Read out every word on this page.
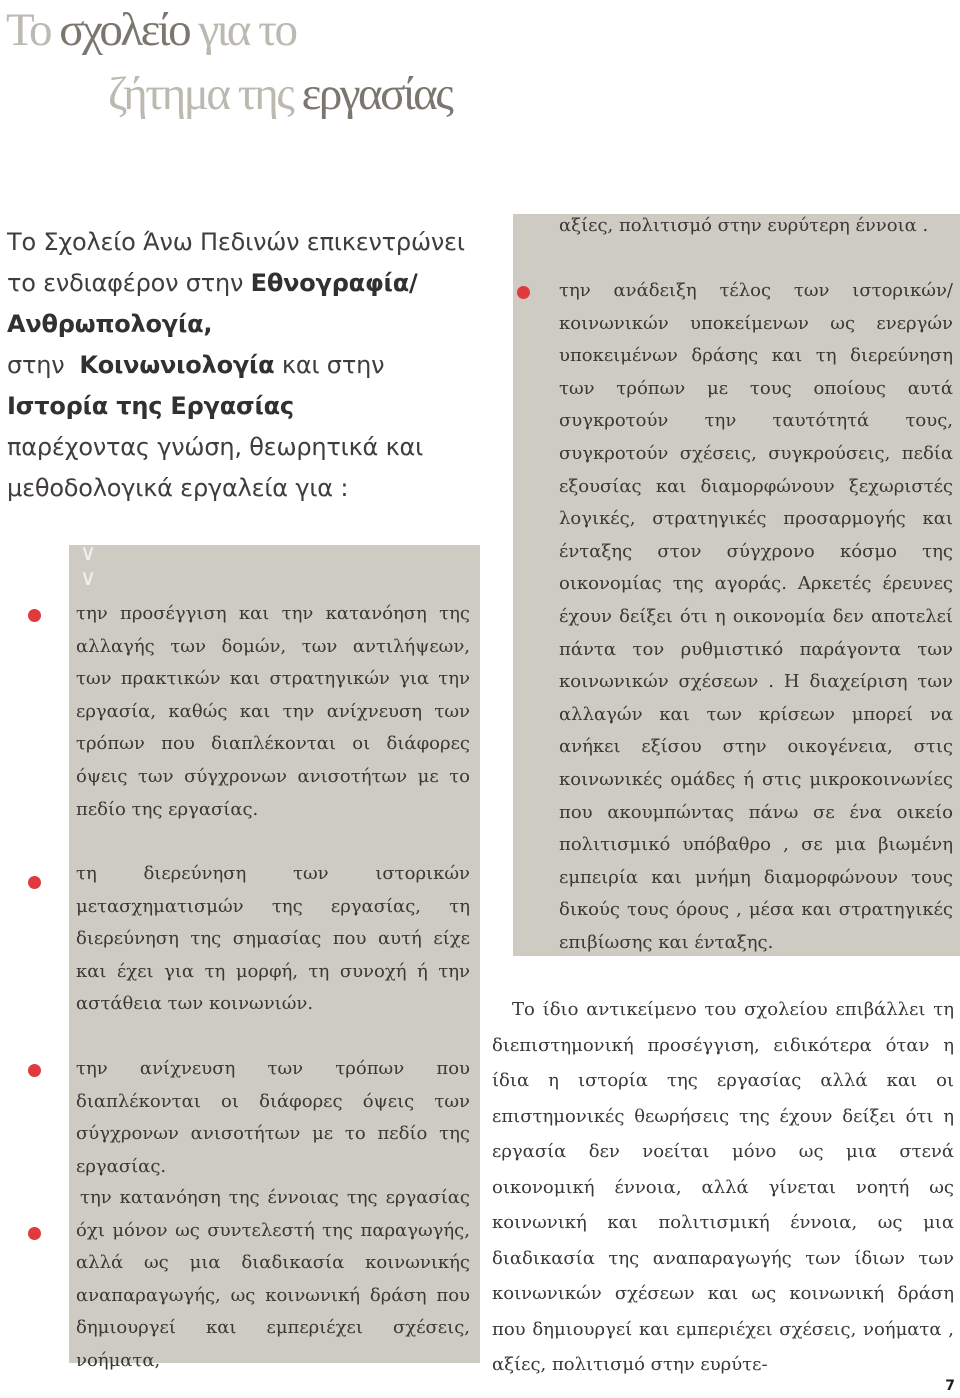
Το σχολείο για το
ζήτημα της εργασίας

Το Σχολείο Άνω Πεδινών επικεντρώνει το ενδιαφέρον στην Εθνογραφία/Ανθρωπολογία,
στην Κοινωνιολογία και στην
Ιστορία της Εργασίας
παρέχοντας γνώση, θεωρητικά και μεθοδολογικά εργαλεία για :

∨
∨

την προσέγγιση και την κατανόηση της αλλαγής των δομών, των αντιλήψεων, των πρακτικών και στρατηγικών για την εργασία, καθώς και την ανίχνευση των τρόπων που διαπλέκονται οι διάφορες όψεις των σύγχρονων ανισοτήτων με το πεδίο της εργασίας.

τη διερεύνηση των ιστορικών μετασχηματισμών της εργασίας, τη διερεύνηση της σημασίας που αυτή είχε και έχει για τη μορφή, τη συνοχή ή την αστάθεια των κοινωνιών.

την ανίχνευση των τρόπων που διαπλέκονται οι διάφορες όψεις των σύγχρονων ανισοτήτων με το πεδίο της εργασίας.

την κατανόηση της έννοιας της εργασίας όχι μόνον ως συντελεστή της παραγωγής, αλλά ως μια διαδικασία κοινωνικής αναπαραγωγής, ως κοινωνική δράση που δημιουργεί και εμπεριέχει σχέσεις, νοήματα,

αξίες, πολιτισμό στην ευρύτερη έννοια .

την ανάδειξη τέλος των ιστορικών/κοινωνικών υποκείμενων ως ενεργών υποκειμένων δράσης και τη διερεύνηση των τρόπων με τους οποίους αυτά συγκροτούν την ταυτότητά τους, συγκροτούν σχέσεις, συγκρούσεις, πεδία εξουσίας και διαμορφώνουν ξεχωριστές λογικές, στρατηγικές προσαρμογής και ένταξης στον σύγχρονο κόσμο της οικονομίας της αγοράς. Αρκετές έρευνες έχουν δείξει ότι η οικονομία δεν αποτελεί πάντα τον ρυθμιστικό παράγοντα των κοινωνικών σχέσεων . Η διαχείριση των αλλαγών και των κρίσεων μπορεί να ανήκει εξίσου στην οικογένεια, στις κοινωνικές ομάδες ή στις μικροκοινωνίες που ακουμπώντας πάνω σε ένα οικείο πολιτισμικό υπόβαθρο , σε μια βιωμένη εμπειρία και μνήμη διαμορφώνουν τους δικούς τους όρους , μέσα και στρατηγικές επιβίωσης και ένταξης.

Το ίδιο αντικείμενο του σχολείου επιβάλλει τη διεπιστημονική προσέγγιση, ειδικότερα όταν η ίδια η ιστορία της εργασίας αλλά και οι επιστημονικές θεωρήσεις της έχουν δείξει ότι η εργασία δεν νοείται μόνο ως μια στενά οικονομική έννοια, αλλά γίνεται νοητή ως κοινωνική και πολιτισμική έννοια, ως μια διαδικασία της αναπαραγωγής των ίδιων των κοινωνικών σχέσεων και ως κοινωνική δράση που δημιουργεί και εμπεριέχει σχέσεις, νοήματα , αξίες, πολιτισμό στην ευρύτε-

7
